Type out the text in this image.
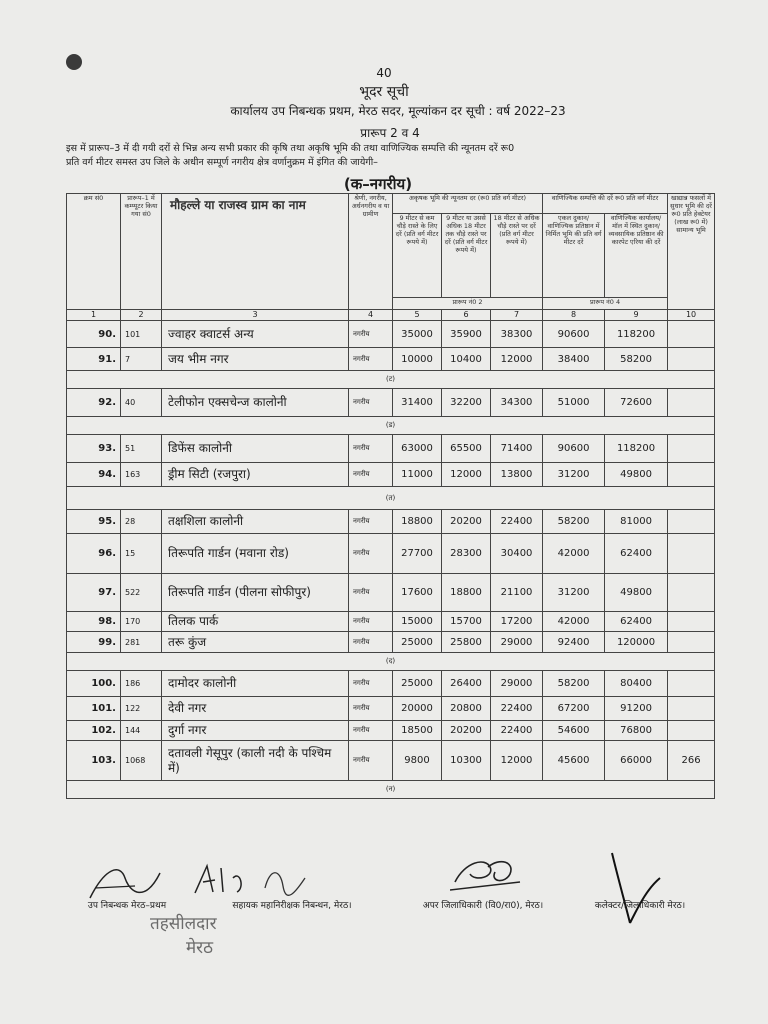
40
भूदर सूची
कार्यालय उप निबन्धक प्रथम, मेरठ सदर, मूल्यांकन दर सूची : वर्ष 2022–23
प्रारूप 2 व 4
इस में प्रारूप–3 में दी गयी दरों से भिन्न अन्य सभी प्रकार की कृषि तथा अकृषि भूमि की तथा वाणिज्यिक सम्पत्ति की न्यूनतम दरें रू0
प्रति वर्ग मीटर समस्त उप जिले के अधीन सम्पूर्ण नगरीय क्षेत्र वर्णानुक्रम में इंगित की जायेगी–
(क–नगरीय)
क्रम सं0	प्रारूप–1 में कम्प्यूटर किया गया सं0	मौहल्ले या राजस्व ग्राम का नाम	श्रेणी, नगरीय, अर्धनगरीय व या ग्रामीण	अकृषक भूमि की न्यूनतम दर (रू0 प्रति वर्ग मीटर)			वाणिज्यिक सम्पत्ति की दरें रू0 प्रति वर्ग मीटर		खाद्यान्न फसलों में सुधार भूमि की दरें रू0 प्रति हेक्टेयर (लाख रू0 में) सामान्य भूमि
				9 मीटर से कम चौड़े रास्ते के लिए दरें (प्रति वर्ग मीटर रूपये में)	9 मीटर या उससे अधिक 18 मीटर तक चौड़े रास्ते पर दरें (प्रति वर्ग मीटर रूपये में)	18 मीटर से अधिक चौड़े रास्ते पर दरें (प्रति वर्ग मीटर रूपये में)	एकल दुकान/ वाणिज्यिक प्रतिष्ठान में निर्मित भूमि की प्रति वर्ग मीटर दरें	वाणिज्यिक कार्यालय/ मॉल में स्थित दुकान/ व्यवसायिक प्रतिष्ठान की कारपेट एरिया की दरें	
				प्रारूप नं0 2			प्रारूप नं0 4		
1	2	3	4	5	6	7	8	9	10
90.	101	ज्वाहर क्वाटर्स अन्य	नगरीय	35000	35900	38300	90600	118200	
91.	7	जय भीम नगर	नगरीय	10000	10400	12000	38400	58200	
(ट)									
92.	40	टेलीफोन एक्सचेन्ज कालोनी	नगरीय	31400	32200	34300	51000	72600	
(ड)									
93.	51	डिफेंस कालोनी	नगरीय	63000	65500	71400	90600	118200	
94.	163	ड्रीम सिटी (रजपुरा)	नगरीय	11000	12000	13800	31200	49800	
(त)									
95.	28	तक्षशिला कालोनी	नगरीय	18800	20200	22400	58200	81000	
96.	15	तिरूपति गार्डन (मवाना रोड)	नगरीय	27700	28300	30400	42000	62400	
97.	522	तिरूपति गार्डन (पीलना सोफीपुर)	नगरीय	17600	18800	21100	31200	49800	
98.	170	तिलक पार्क	नगरीय	15000	15700	17200	42000	62400	
99.	281	तरू कुंज	नगरीय	25000	25800	29000	92400	120000	
(द)									
100.	186	दामोदर कालोनी	नगरीय	25000	26400	29000	58200	80400	
101.	122	देवी नगर	नगरीय	20000	20800	22400	67200	91200	
102.	144	दुर्गा नगर	नगरीय	18500	20200	22400	54600	76800	
103.	1068	दतावली गेसूपुर (काली नदी के पश्चिम में)	नगरीय	9800	10300	12000	45600	66000	266
(न)									
उप निबन्धक मेरठ–प्रथम	सहायक महानिरीक्षक निबन्धन, मेरठ।	अपर जिलाधिकारी (वि0/रा0), मेरठ।	कलेक्टर/जिलाधिकारी मेरठ।
तहसीलदार
मेरठ
